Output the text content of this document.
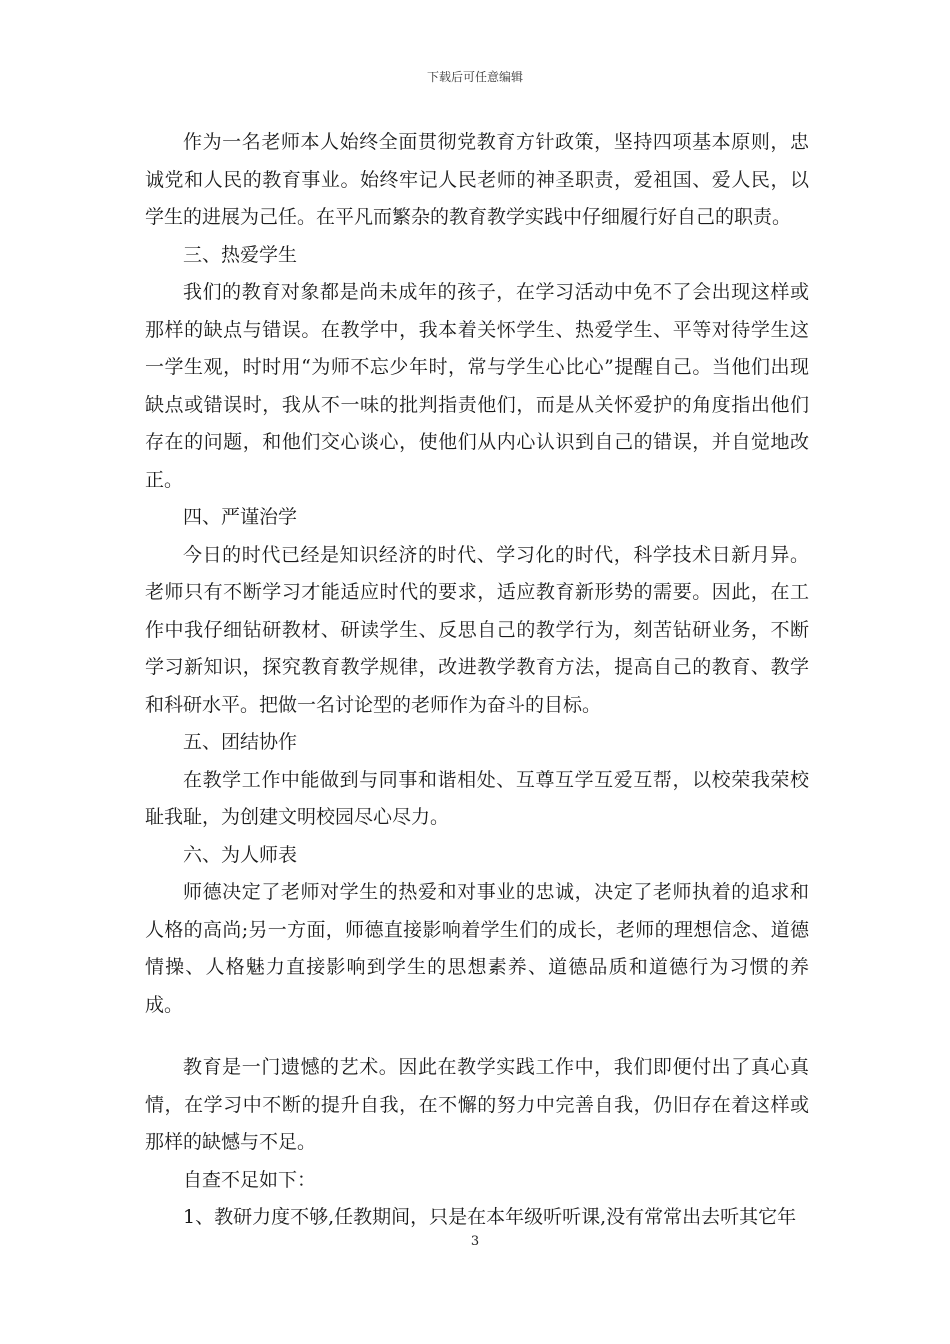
下载后可任意编辑

作为一名老师本人始终全面贯彻党教育方针政策，坚持四项基本原则，忠诚党和人民的教育事业。始终牢记人民老师的神圣职责，爱祖国、爱人民，以学生的进展为己任。在平凡而繁杂的教育教学实践中仔细履行好自己的职责。

三、热爱学生

我们的教育对象都是尚未成年的孩子，在学习活动中免不了会出现这样或那样的缺点与错误。在教学中，我本着关怀学生、热爱学生、平等对待学生这一学生观，时时用“为师不忘少年时，常与学生心比心”提醒自己。当他们出现缺点或错误时，我从不一味的批判指责他们，而是从关怀爱护的角度指出他们存在的问题，和他们交心谈心，使他们从内心认识到自己的错误，并自觉地改正。

四、严谨治学

今日的时代已经是知识经济的时代、学习化的时代，科学技术日新月异。老师只有不断学习才能适应时代的要求，适应教育新形势的需要。因此，在工作中我仔细钻研教材、研读学生、反思自己的教学行为，刻苦钻研业务，不断学习新知识，探究教育教学规律，改进教学教育方法，提高自己的教育、教学和科研水平。把做一名讨论型的老师作为奋斗的目标。

五、团结协作

在教学工作中能做到与同事和谐相处、互尊互学互爱互帮，以校荣我荣校耻我耻，为创建文明校园尽心尽力。

六、为人师表

师德决定了老师对学生的热爱和对事业的忠诚，决定了老师执着的追求和人格的高尚;另一方面，师德直接影响着学生们的成长，老师的理想信念、道德情操、人格魅力直接影响到学生的思想素养、道德品质和道德行为习惯的养成。

教育是一门遗憾的艺术。因此在教学实践工作中，我们即便付出了真心真情，在学习中不断的提升自我，在不懈的努力中完善自我，仍旧存在着这样或那样的缺憾与不足。

自查不足如下：

1、教研力度不够,任教期间，只是在本年级听听课,没有常常出去听其它年

3
